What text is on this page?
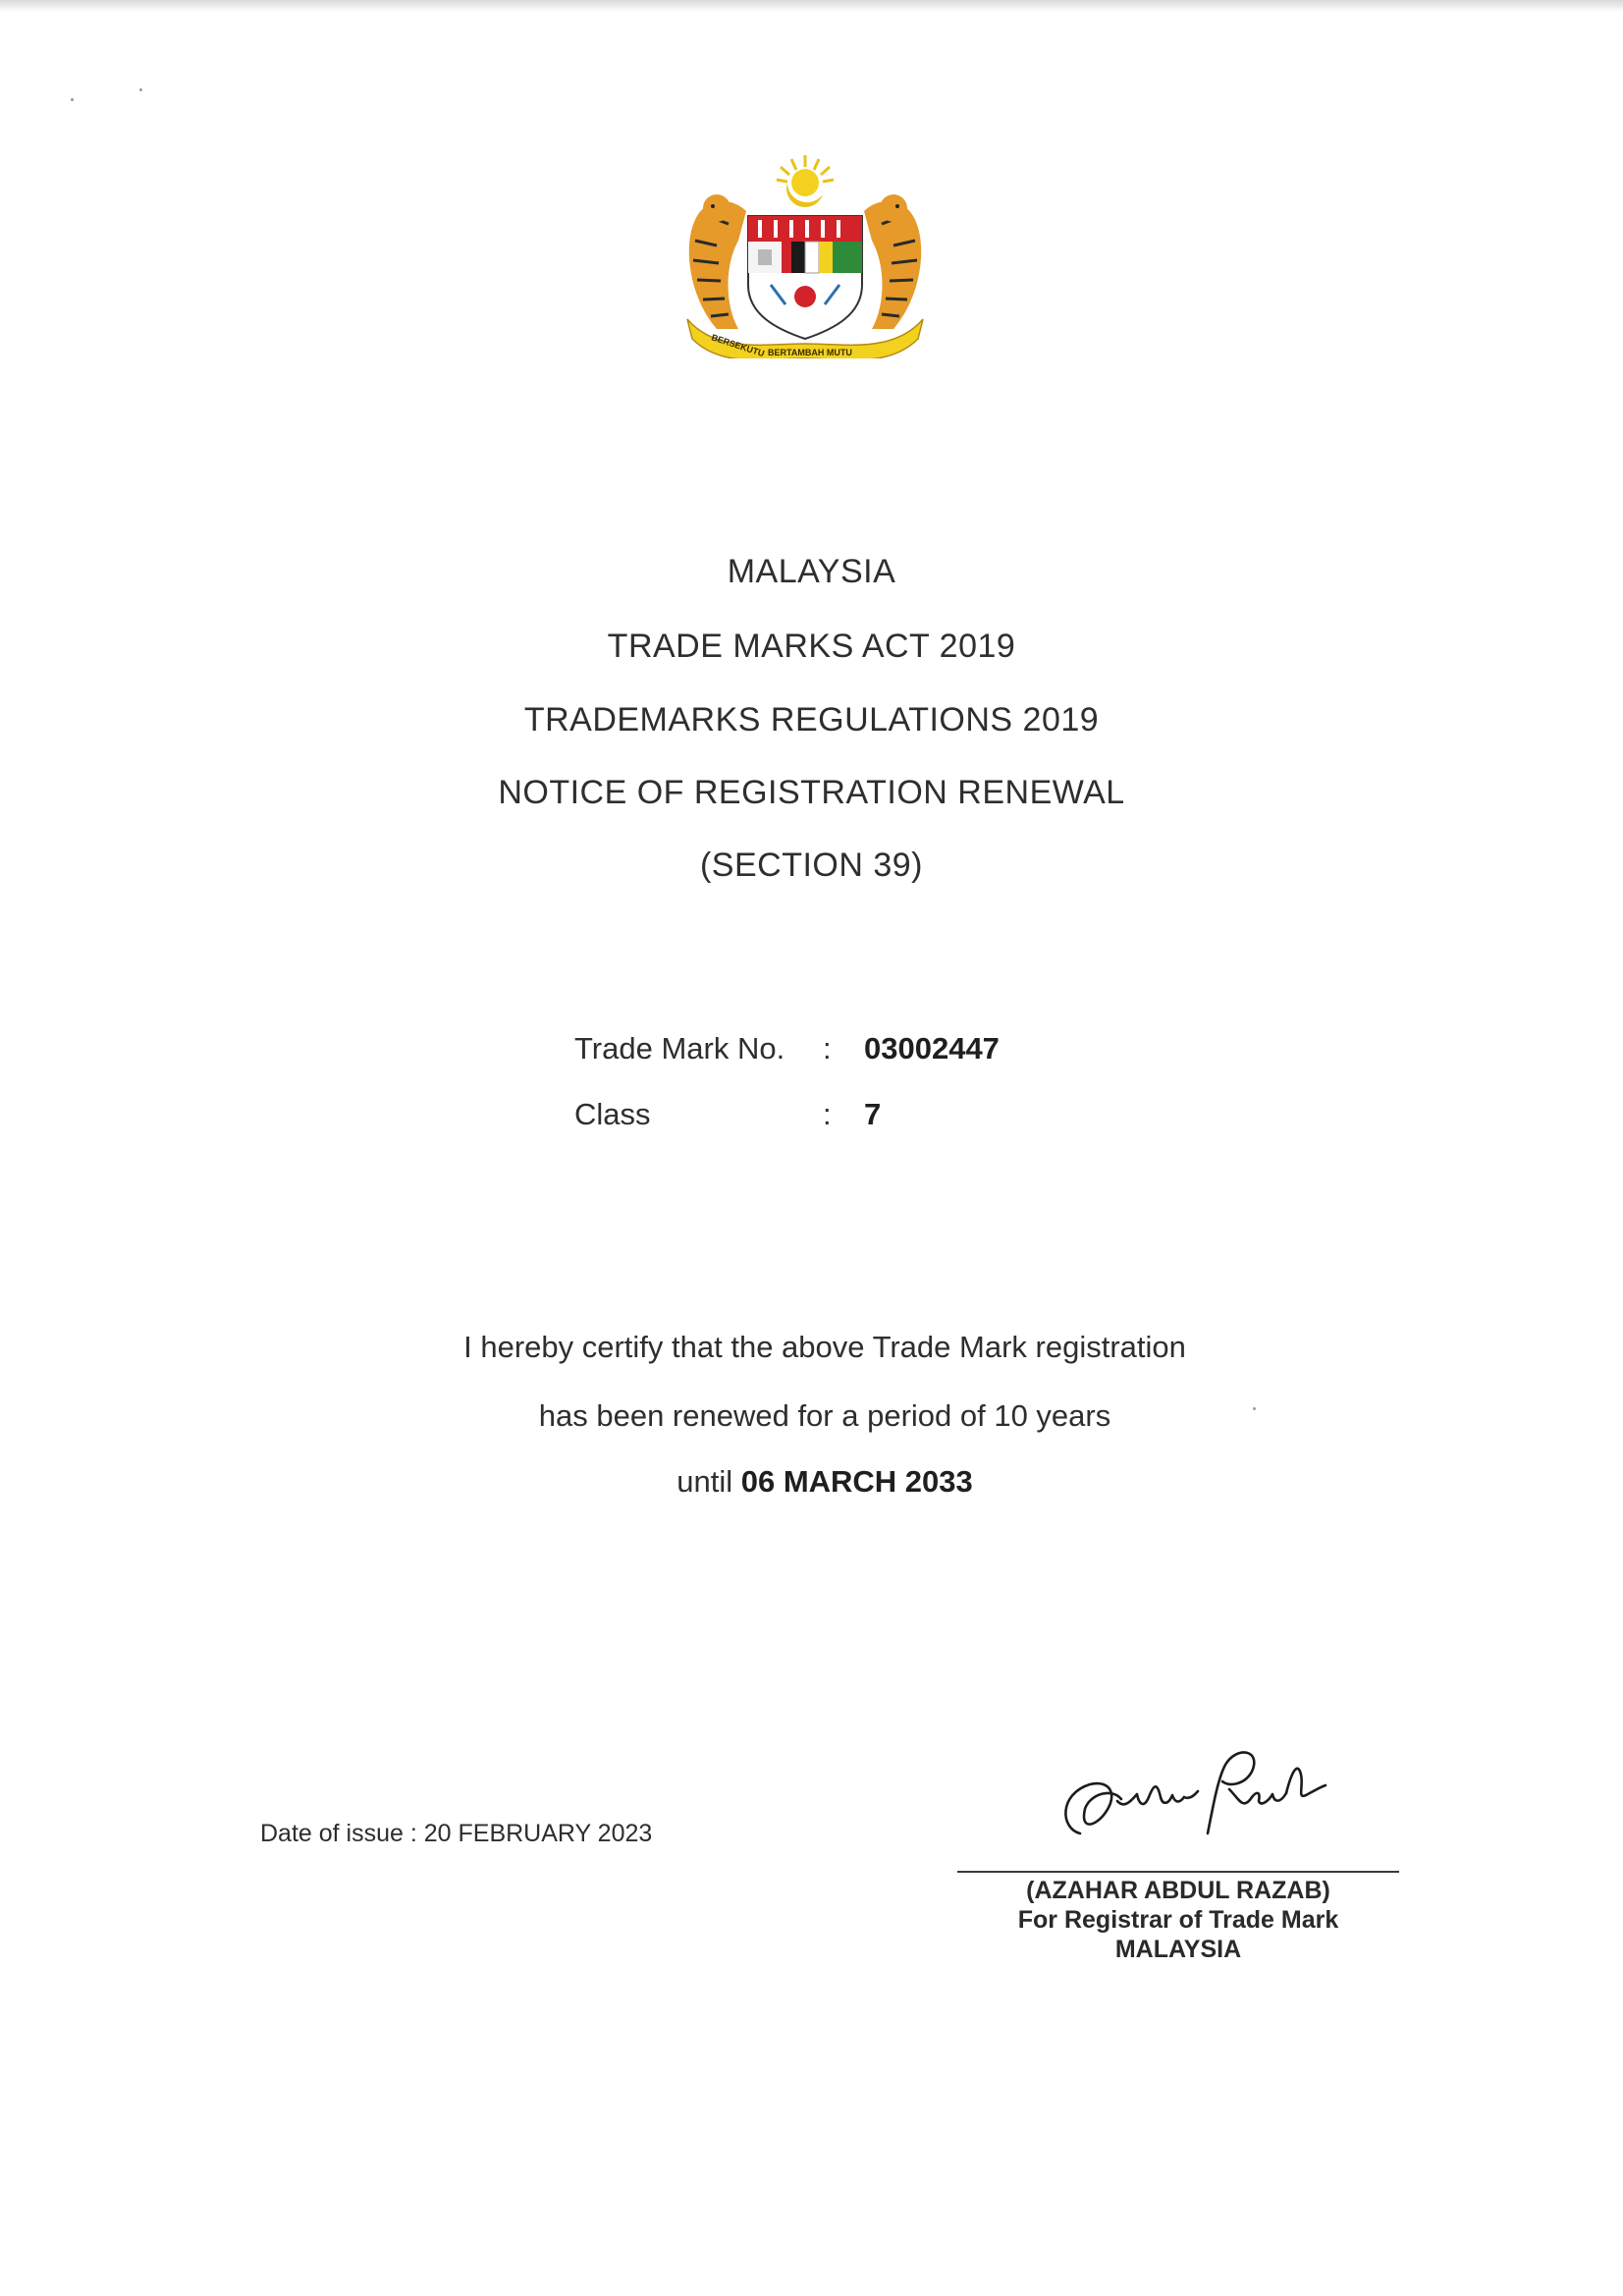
BERSEKUTU BERTAMBAH MUTU
MALAYSIA
TRADE MARKS ACT 2019
TRADEMARKS REGULATIONS 2019
NOTICE OF REGISTRATION RENEWAL
(SECTION 39)
Trade Mark No. : 03002447
Class	: 7
I hereby certify that the above Trade Mark registration
has been renewed for a period of 10 years
until 06 MARCH 2033
Date of issue : 20 FEBRUARY 2023
(AZAHAR ABDUL RAZAB)
For Registrar of Trade Mark
MALAYSIA
